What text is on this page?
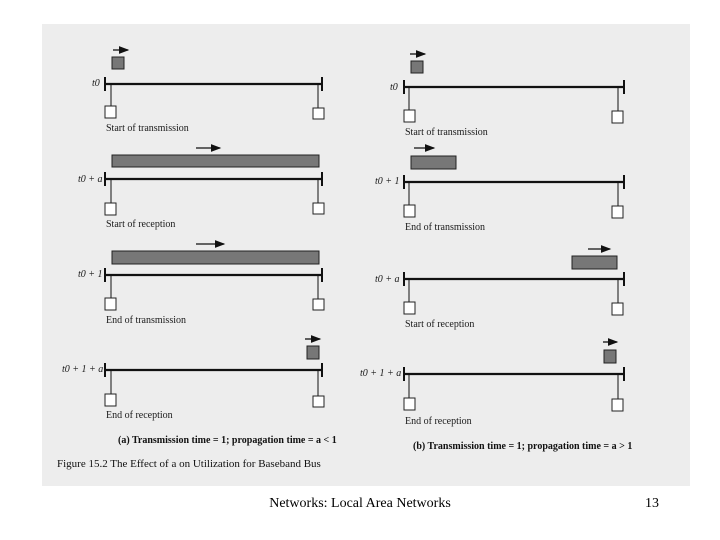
t0
Start of transmission
t0 + a
Start of reception
t0 + 1
End of transmission
t0 + 1 + a
End of reception
(a) Transmission time = 1; propagation time = a < 1
t0
Start of transmission
t0 + 1
End of transmission
t0 + a
Start of reception
t0 + 1 + a
End of reception
(b) Transmission time = 1; propagation time = a > 1
Figure 15.2 The Effect of a on Utilization for Baseband Bus
Networks: Local Area Networks	13
